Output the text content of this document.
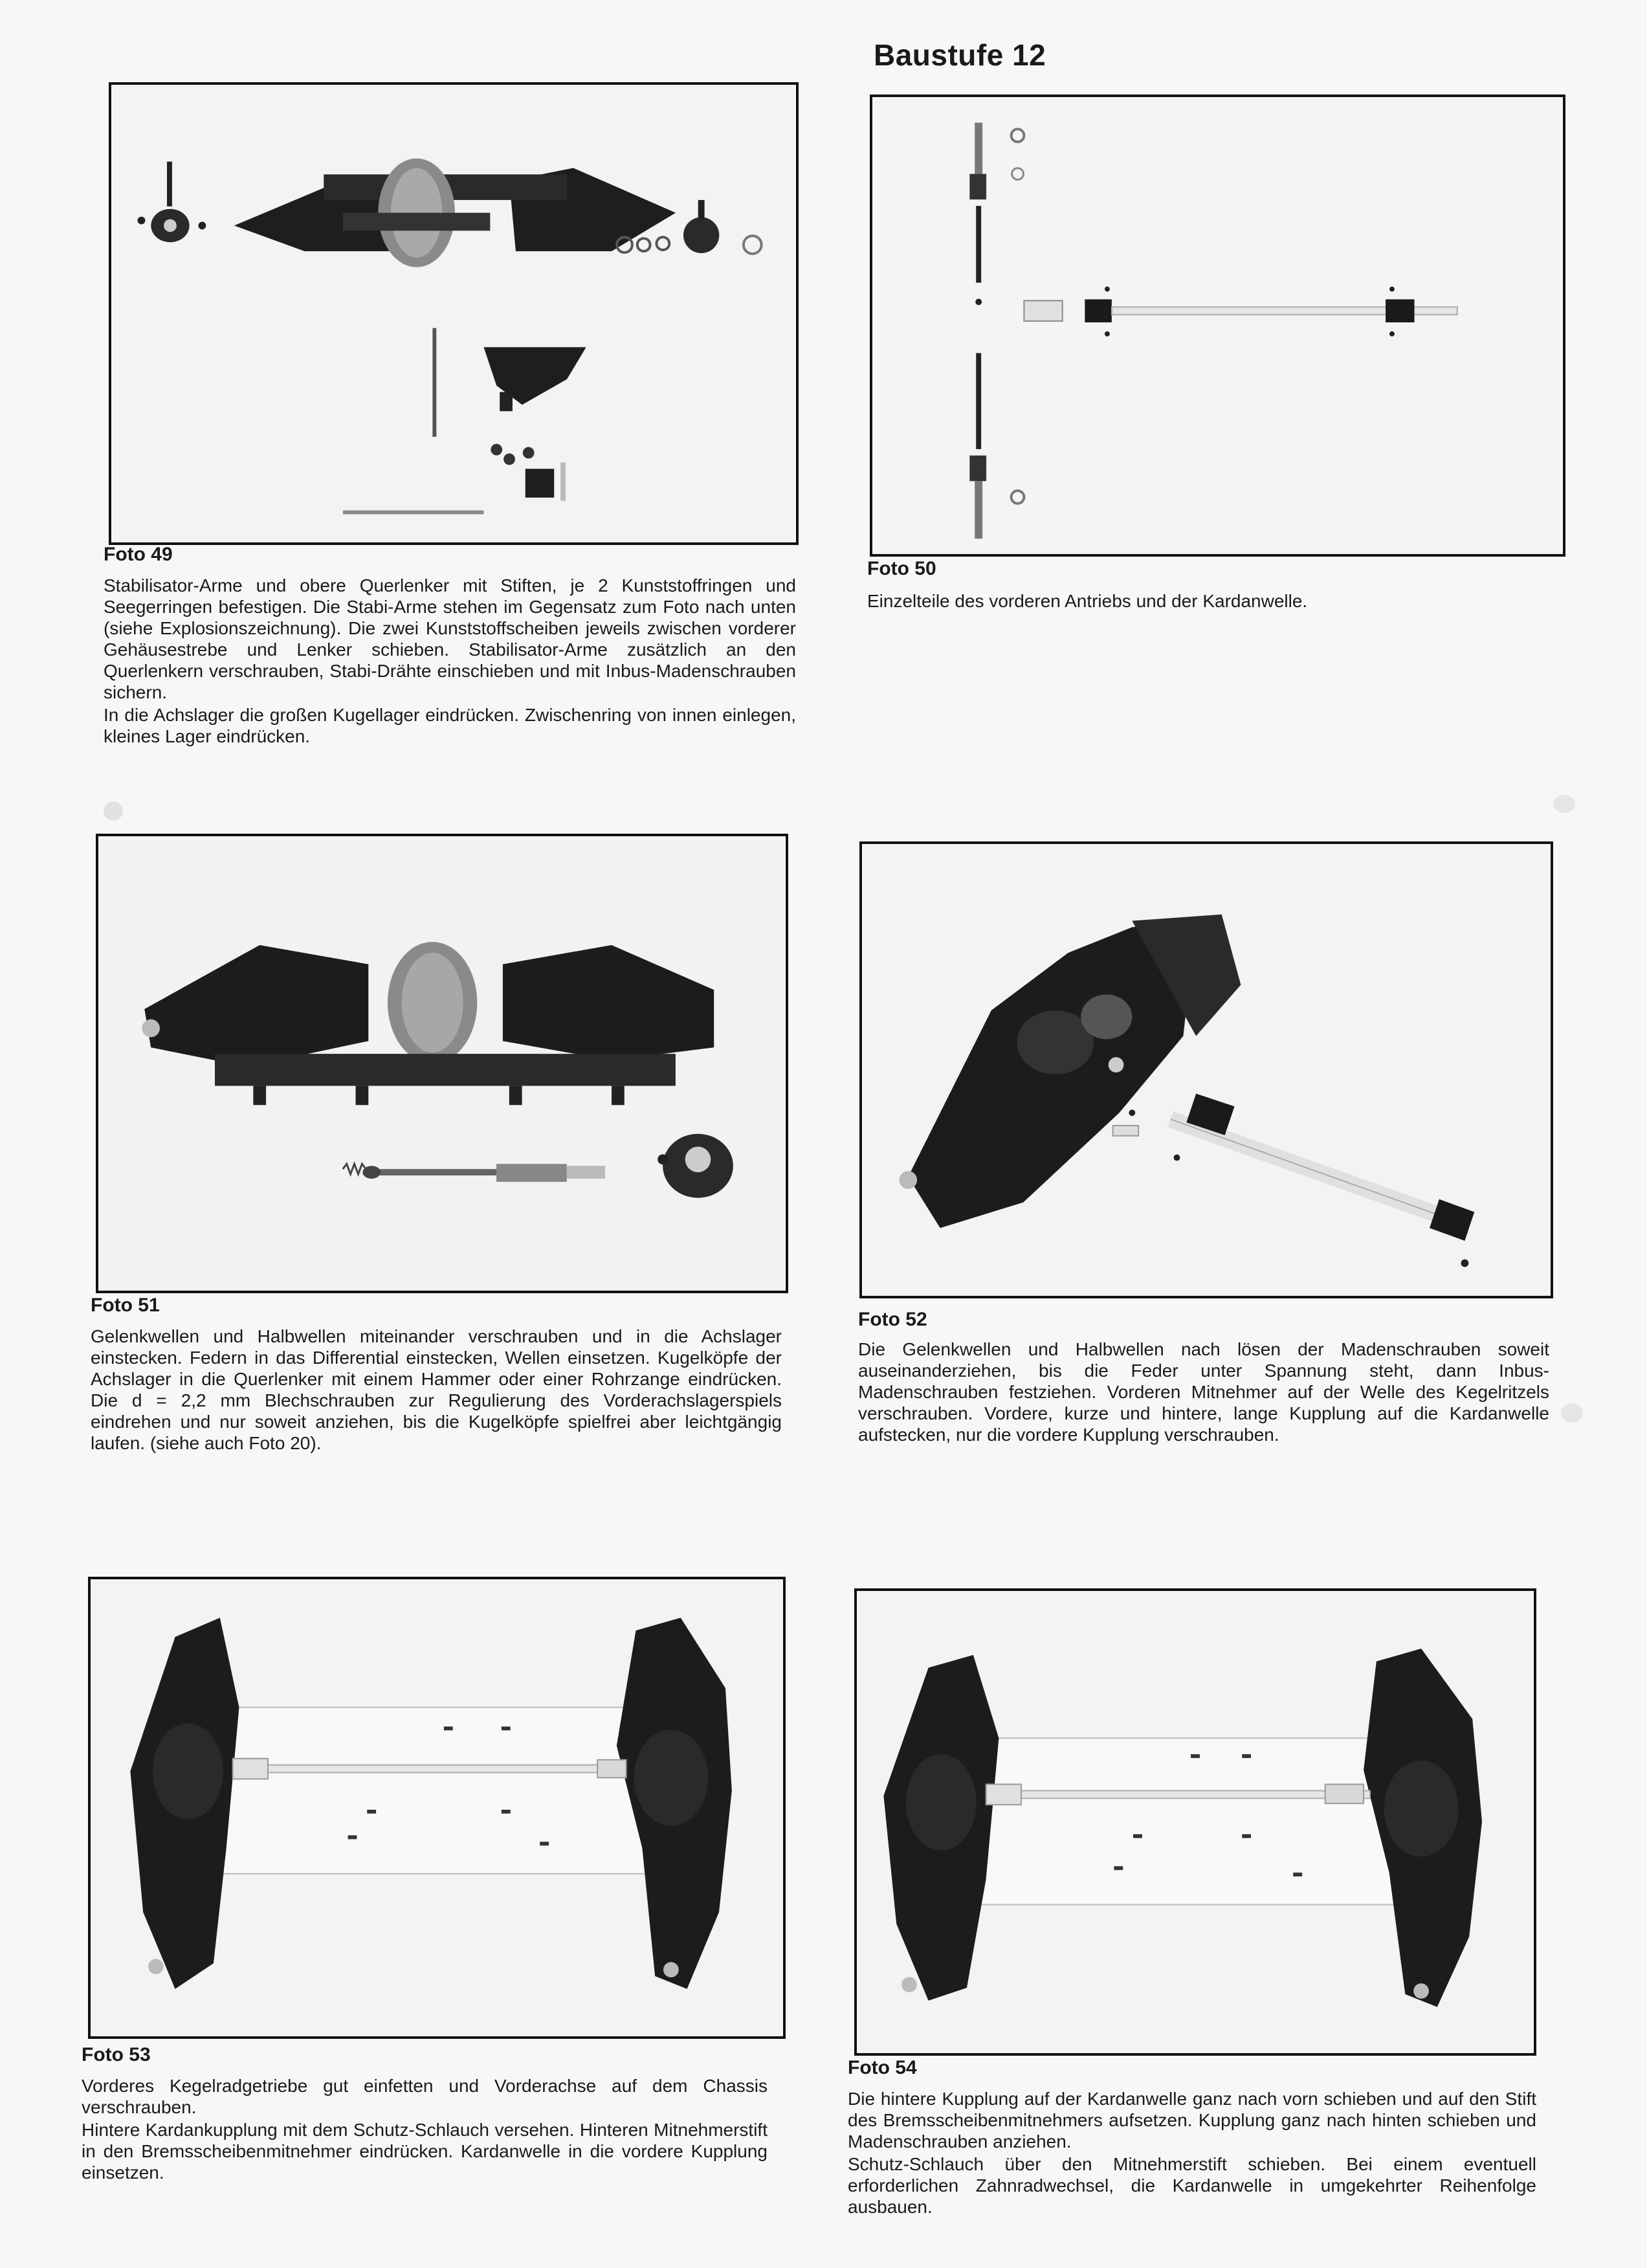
Baustufe 12
Foto 49

Stabilisator-Arme und obere Querlenker mit Stiften, je 2 Kunststoffringen und Seegerringen befestigen. Die Stabi-Arme stehen im Gegensatz zum Foto nach unten (siehe Explosionszeichnung). Die zwei Kunststoffscheiben jeweils zwischen vorderer Gehäusestrebe und Lenker schieben. Stabilisator-Arme zusätzlich an den Querlenkern verschrauben, Stabi-Drähte einschieben und mit Inbus-Madenschrauben sichern.

In die Achslager die großen Kugellager eindrücken. Zwischenring von innen einlegen, kleines Lager eindrücken.

Foto 50

Einzelteile des vorderen Antriebs und der Kardanwelle.

Foto 51

Gelenkwellen und Halbwellen miteinander verschrauben und in die Achslager einstecken. Federn in das Differential einstecken, Wellen einsetzen. Kugelköpfe der Achslager in die Querlenker mit einem Hammer oder einer Rohrzange eindrücken. Die d = 2,2 mm Blechschrauben zur Regulierung des Vorderachslagerspiels eindrehen und nur soweit anziehen, bis die Kugelköpfe spielfrei aber leichtgängig laufen. (siehe auch Foto 20).

Foto 52

Die Gelenkwellen und Halbwellen nach lösen der Madenschrauben soweit auseinanderziehen, bis die Feder unter Spannung steht, dann Inbus-Madenschrauben festziehen. Vorderen Mitnehmer auf der Welle des Kegelritzels verschrauben. Vordere, kurze und hintere, lange Kupplung auf die Kardanwelle aufstecken, nur die vordere Kupplung verschrauben.

Foto 53

Vorderes Kegelradgetriebe gut einfetten und Vorderachse auf dem Chassis verschrauben.

Hintere Kardankupplung mit dem Schutz-Schlauch versehen. Hinteren Mitnehmerstift in den Bremsscheibenmitnehmer eindrücken. Kardanwelle in die vordere Kupplung einsetzen.

Foto 54

Die hintere Kupplung auf der Kardanwelle ganz nach vorn schieben und auf den Stift des Bremsscheibenmitnehmers aufsetzen. Kupplung ganz nach hinten schieben und Madenschrauben anziehen.

Schutz-Schlauch über den Mitnehmerstift schieben. Bei einem eventuell erforderlichen Zahnradwechsel, die Kardanwelle in umgekehrter Reihenfolge ausbauen.
